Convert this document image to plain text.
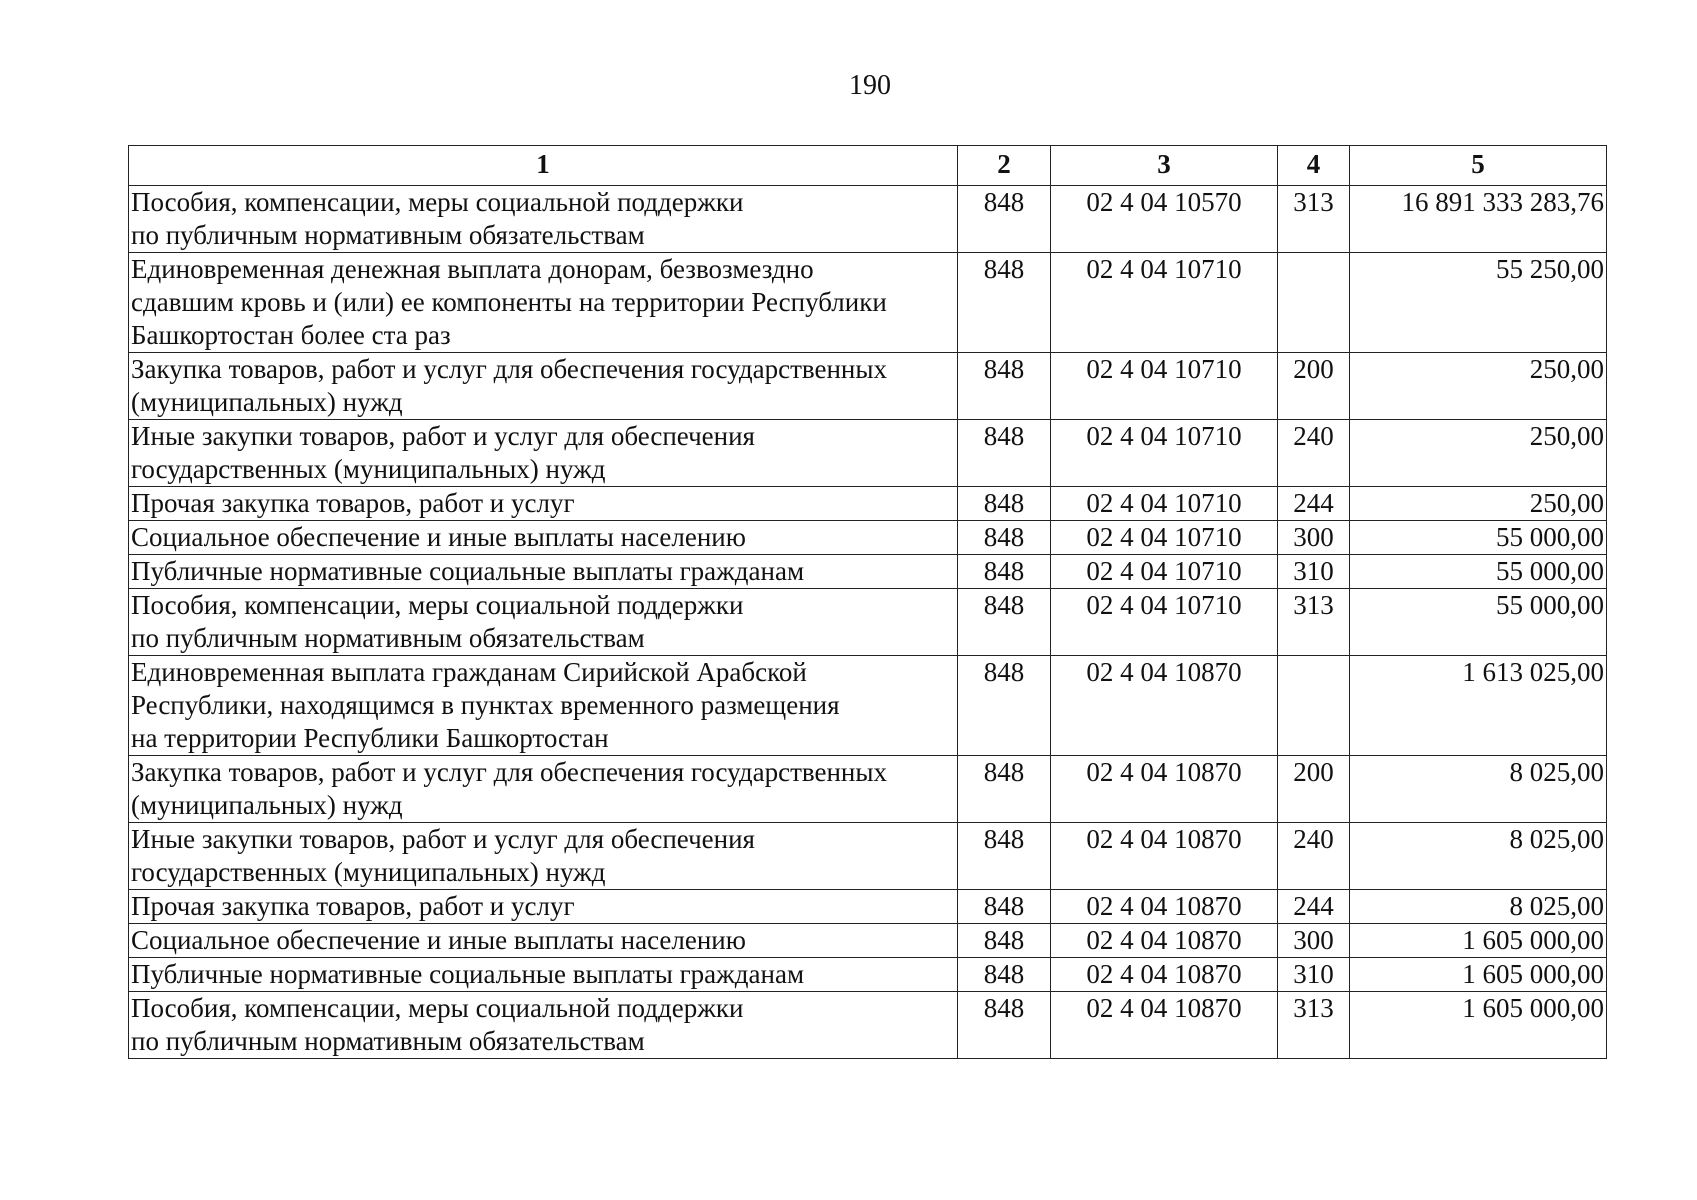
190
1	2	3	4	5

Пособия, компенсации, меры социальной поддержки
по публичным нормативным обязательствам	848	02 4 04 10570	313	16 891 333 283,76

Единовременная денежная выплата донорам, безвозмездно
сдавшим кровь и (или) ее компоненты на территории Республики
Башкортостан более ста раз	848	02 4 04 10710		55 250,00

Закупка товаров, работ и услуг для обеспечения государственных
(муниципальных) нужд	848	02 4 04 10710	200	250,00

Иные закупки товаров, работ и услуг для обеспечения
государственных (муниципальных) нужд	848	02 4 04 10710	240	250,00

Прочая закупка товаров, работ и услуг	848	02 4 04 10710	244	250,00

Социальное обеспечение и иные выплаты населению	848	02 4 04 10710	300	55 000,00

Публичные нормативные социальные выплаты гражданам	848	02 4 04 10710	310	55 000,00

Пособия, компенсации, меры социальной поддержки
по публичным нормативным обязательствам	848	02 4 04 10710	313	55 000,00

Единовременная выплата гражданам Сирийской Арабской
Республики, находящимся в пунктах временного размещения
на территории Республики Башкортостан	848	02 4 04 10870		1 613 025,00

Закупка товаров, работ и услуг для обеспечения государственных
(муниципальных) нужд	848	02 4 04 10870	200	8 025,00

Иные закупки товаров, работ и услуг для обеспечения
государственных (муниципальных) нужд	848	02 4 04 10870	240	8 025,00

Прочая закупка товаров, работ и услуг	848	02 4 04 10870	244	8 025,00

Социальное обеспечение и иные выплаты населению	848	02 4 04 10870	300	1 605 000,00

Публичные нормативные социальные выплаты гражданам	848	02 4 04 10870	310	1 605 000,00

Пособия, компенсации, меры социальной поддержки
по публичным нормативным обязательствам	848	02 4 04 10870	313	1 605 000,00
